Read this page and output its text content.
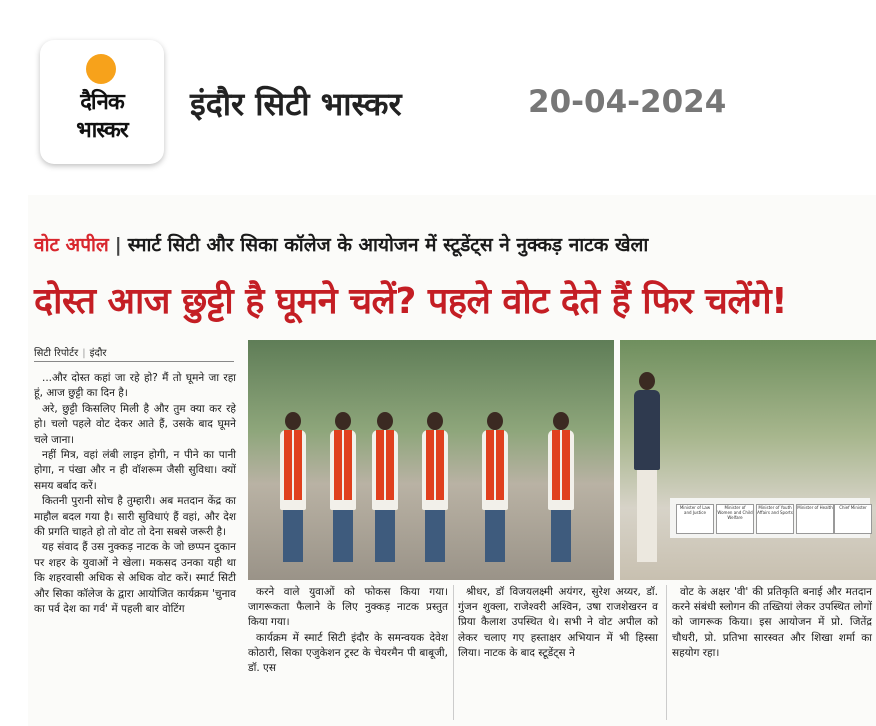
दैनिक
भास्कर
इंदौर सिटी भास्कर	20-04-2024
वोट अपील | स्मार्ट सिटी और सिका कॉलेज के आयोजन में स्टूडेंट्स ने नुक्कड़ नाटक खेला
दोस्त आज छुट्टी है घूमने चलें? पहले वोट देते हैं फिर चलेंगे!
सिटी रिपोर्टर | इंदौर

...और दोस्त कहां जा रहे हो? मैं तो घूमने जा रहा हूं, आज छुट्टी का दिन है।

अरे, छुट्टी किसलिए मिली है और तुम क्या कर रहे हो। चलो पहले वोट देकर आते हैं, उसके बाद घूमने चले जाना।

नहीं मित्र, वहां लंबी लाइन होगी, न पीने का पानी होगा, न पंखा और न ही वॉशरूम जैसी सुविधा। क्यों समय बर्बाद करें।

कितनी पुरानी सोच है तुम्हारी। अब मतदान केंद्र का माहौल बदल गया है। सारी सुविधाएं हैं वहां, और देश की प्रगति चाहते हो तो वोट तो देना सबसे जरूरी है।

यह संवाद हैं उस नुक्कड़ नाटक के जो छप्पन दुकान पर शहर के युवाओं ने खेला। मकसद उनका यही था कि शहरवासी अधिक से अधिक वोट करें। स्मार्ट सिटी और सिका कॉलेज के द्वारा आयोजित कार्यक्रम 'चुनाव का पर्व देश का गर्व' में पहली बार वोटिंग

Minister of Law and Justice
Minister of Women and Child Welfare
Minister of Youth Affairs and Sports
Minister of Health	Chief Minister

करने वाले युवाओं को फोकस किया गया। जागरूकता फैलाने के लिए नुक्कड़ नाटक प्रस्तुत किया गया।

कार्यक्रम में स्मार्ट सिटी इंदौर के समन्वयक देवेश कोठारी, सिका एजुकेशन ट्रस्ट के चेयरमैन पी बाबूजी, डॉ. एस

श्रीधर, डॉ विजयलक्ष्मी अयंगर, सुरेश अय्यर, डॉ. गुंजन शुक्ला, राजेश्वरी अश्विन, उषा राजशेखरन व प्रिया कैलाश उपस्थित थे। सभी ने वोट अपील को लेकर चलाए गए हस्ताक्षर अभियान में भी हिस्सा लिया। नाटक के बाद स्टूडेंट्स ने

वोट के अक्षर 'वी' की प्रतिकृति बनाई और मतदान करने संबंधी स्लोगन की तख्तियां लेकर उपस्थित लोगों को जागरूक किया। इस आयोजन में प्रो. जितेंद्र चौधरी, प्रो. प्रतिभा सारस्वत और शिखा शर्मा का सहयोग रहा।
